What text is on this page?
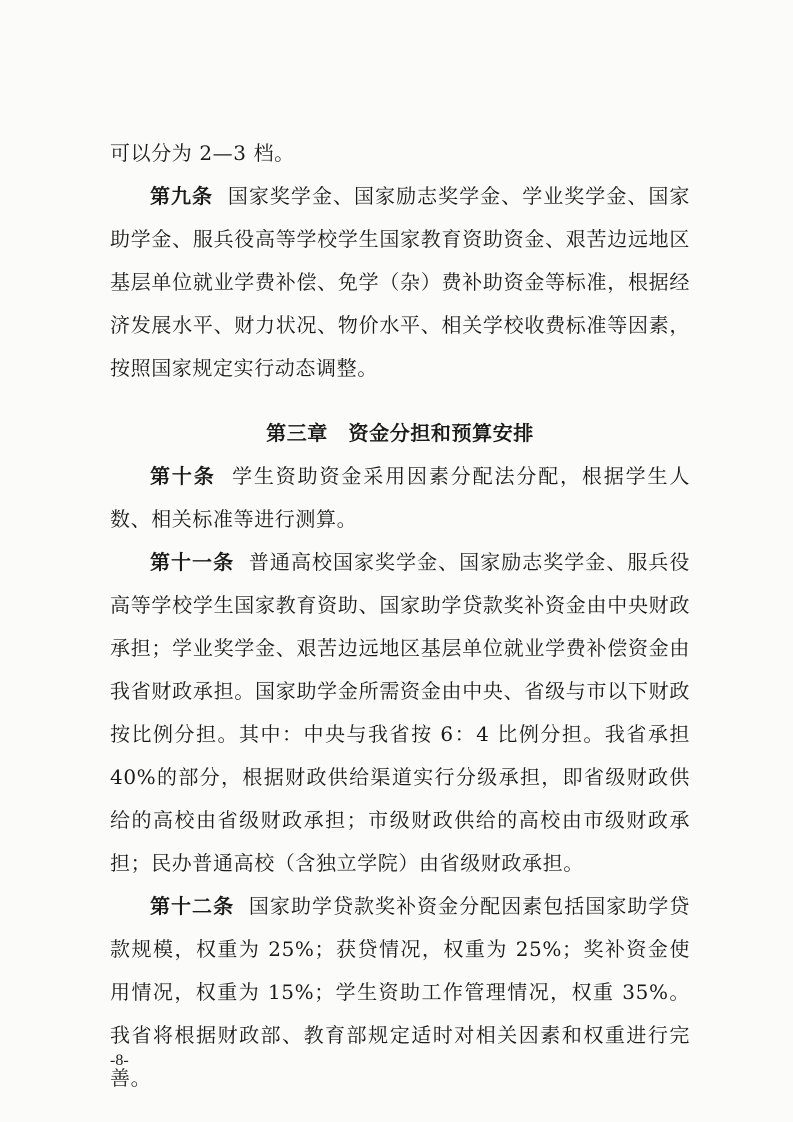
可以分为 2—3 档。

第九条 国家奖学金、国家励志奖学金、学业奖学金、国家助学金、服兵役高等学校学生国家教育资助资金、艰苦边远地区基层单位就业学费补偿、免学（杂）费补助资金等标准，根据经济发展水平、财力状况、物价水平、相关学校收费标准等因素，按照国家规定实行动态调整。

第三章　资金分担和预算安排

第十条 学生资助资金采用因素分配法分配，根据学生人数、相关标准等进行测算。

第十一条 普通高校国家奖学金、国家励志奖学金、服兵役高等学校学生国家教育资助、国家助学贷款奖补资金由中央财政承担；学业奖学金、艰苦边远地区基层单位就业学费补偿资金由我省财政承担。国家助学金所需资金由中央、省级与市以下财政按比例分担。其中：中央与我省按 6：4 比例分担。我省承担 40%的部分，根据财政供给渠道实行分级承担，即省级财政供给的高校由省级财政承担；市级财政供给的高校由市级财政承担；民办普通高校（含独立学院）由省级财政承担。

第十二条 国家助学贷款奖补资金分配因素包括国家助学贷款规模，权重为 25%；获贷情况，权重为 25%；奖补资金使用情况，权重为 15%；学生资助工作管理情况，权重 35%。我省将根据财政部、教育部规定适时对相关因素和权重进行完善。

-8-
